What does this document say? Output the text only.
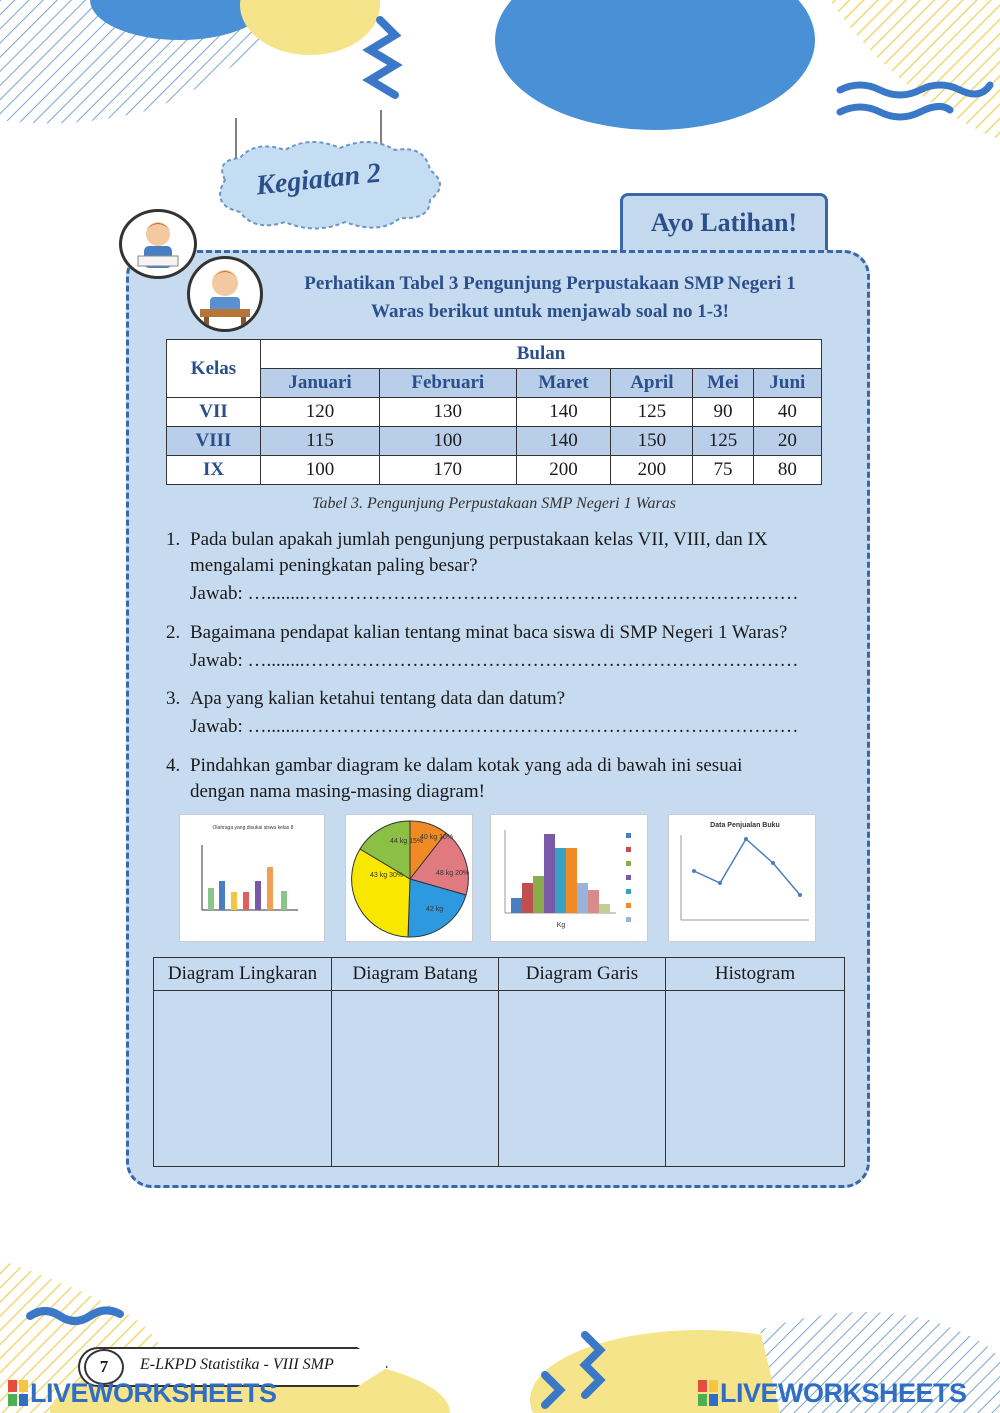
Kegiatan 2
Ayo Latihan!
Perhatikan Tabel 3 Pengunjung Perpustakaan SMP Negeri 1
Waras berikut untuk menjawab soal no 1-3!
Kelas	Bulan					
	Januari	Februari	Maret	April	Mei	Juni
VII	120	130	140	125	90	40
VIII	115	100	140	150	125	20
IX	100	170	200	200	75	80
Tabel 3. Pengunjung Perpustakaan SMP Negeri 1 Waras
1. Pada bulan apakah jumlah pengunjung perpustakaan kelas VII, VIII, dan IX
mengalami peningkatan paling besar?
Jawab: …........……………………………………………………………………
2. Bagaimana pendapat kalian tentang minat baca siswa di SMP Negeri 1 Waras?
Jawab: …........……………………………………………………………………
3. Apa yang kalian ketahui tentang data dan datum?
Jawab: …........……………………………………………………………………
4. Pindahkan gambar diagram ke dalam kotak yang ada di bawah ini sesuai
dengan nama masing-masing diagram!
Olahraga yang disukai siswa kelas 8
44 kg 15%
40 kg 10%
48 kg 20%
42 kg
43 kg 30%
Kg
Data Penjualan Buku
Diagram Lingkaran	Diagram Batang	Diagram Garis	Histogram

7	E-LKPD Statistika - VIII SMP
LIVEWORKSHEETS	LIVEWORKSHEETS
